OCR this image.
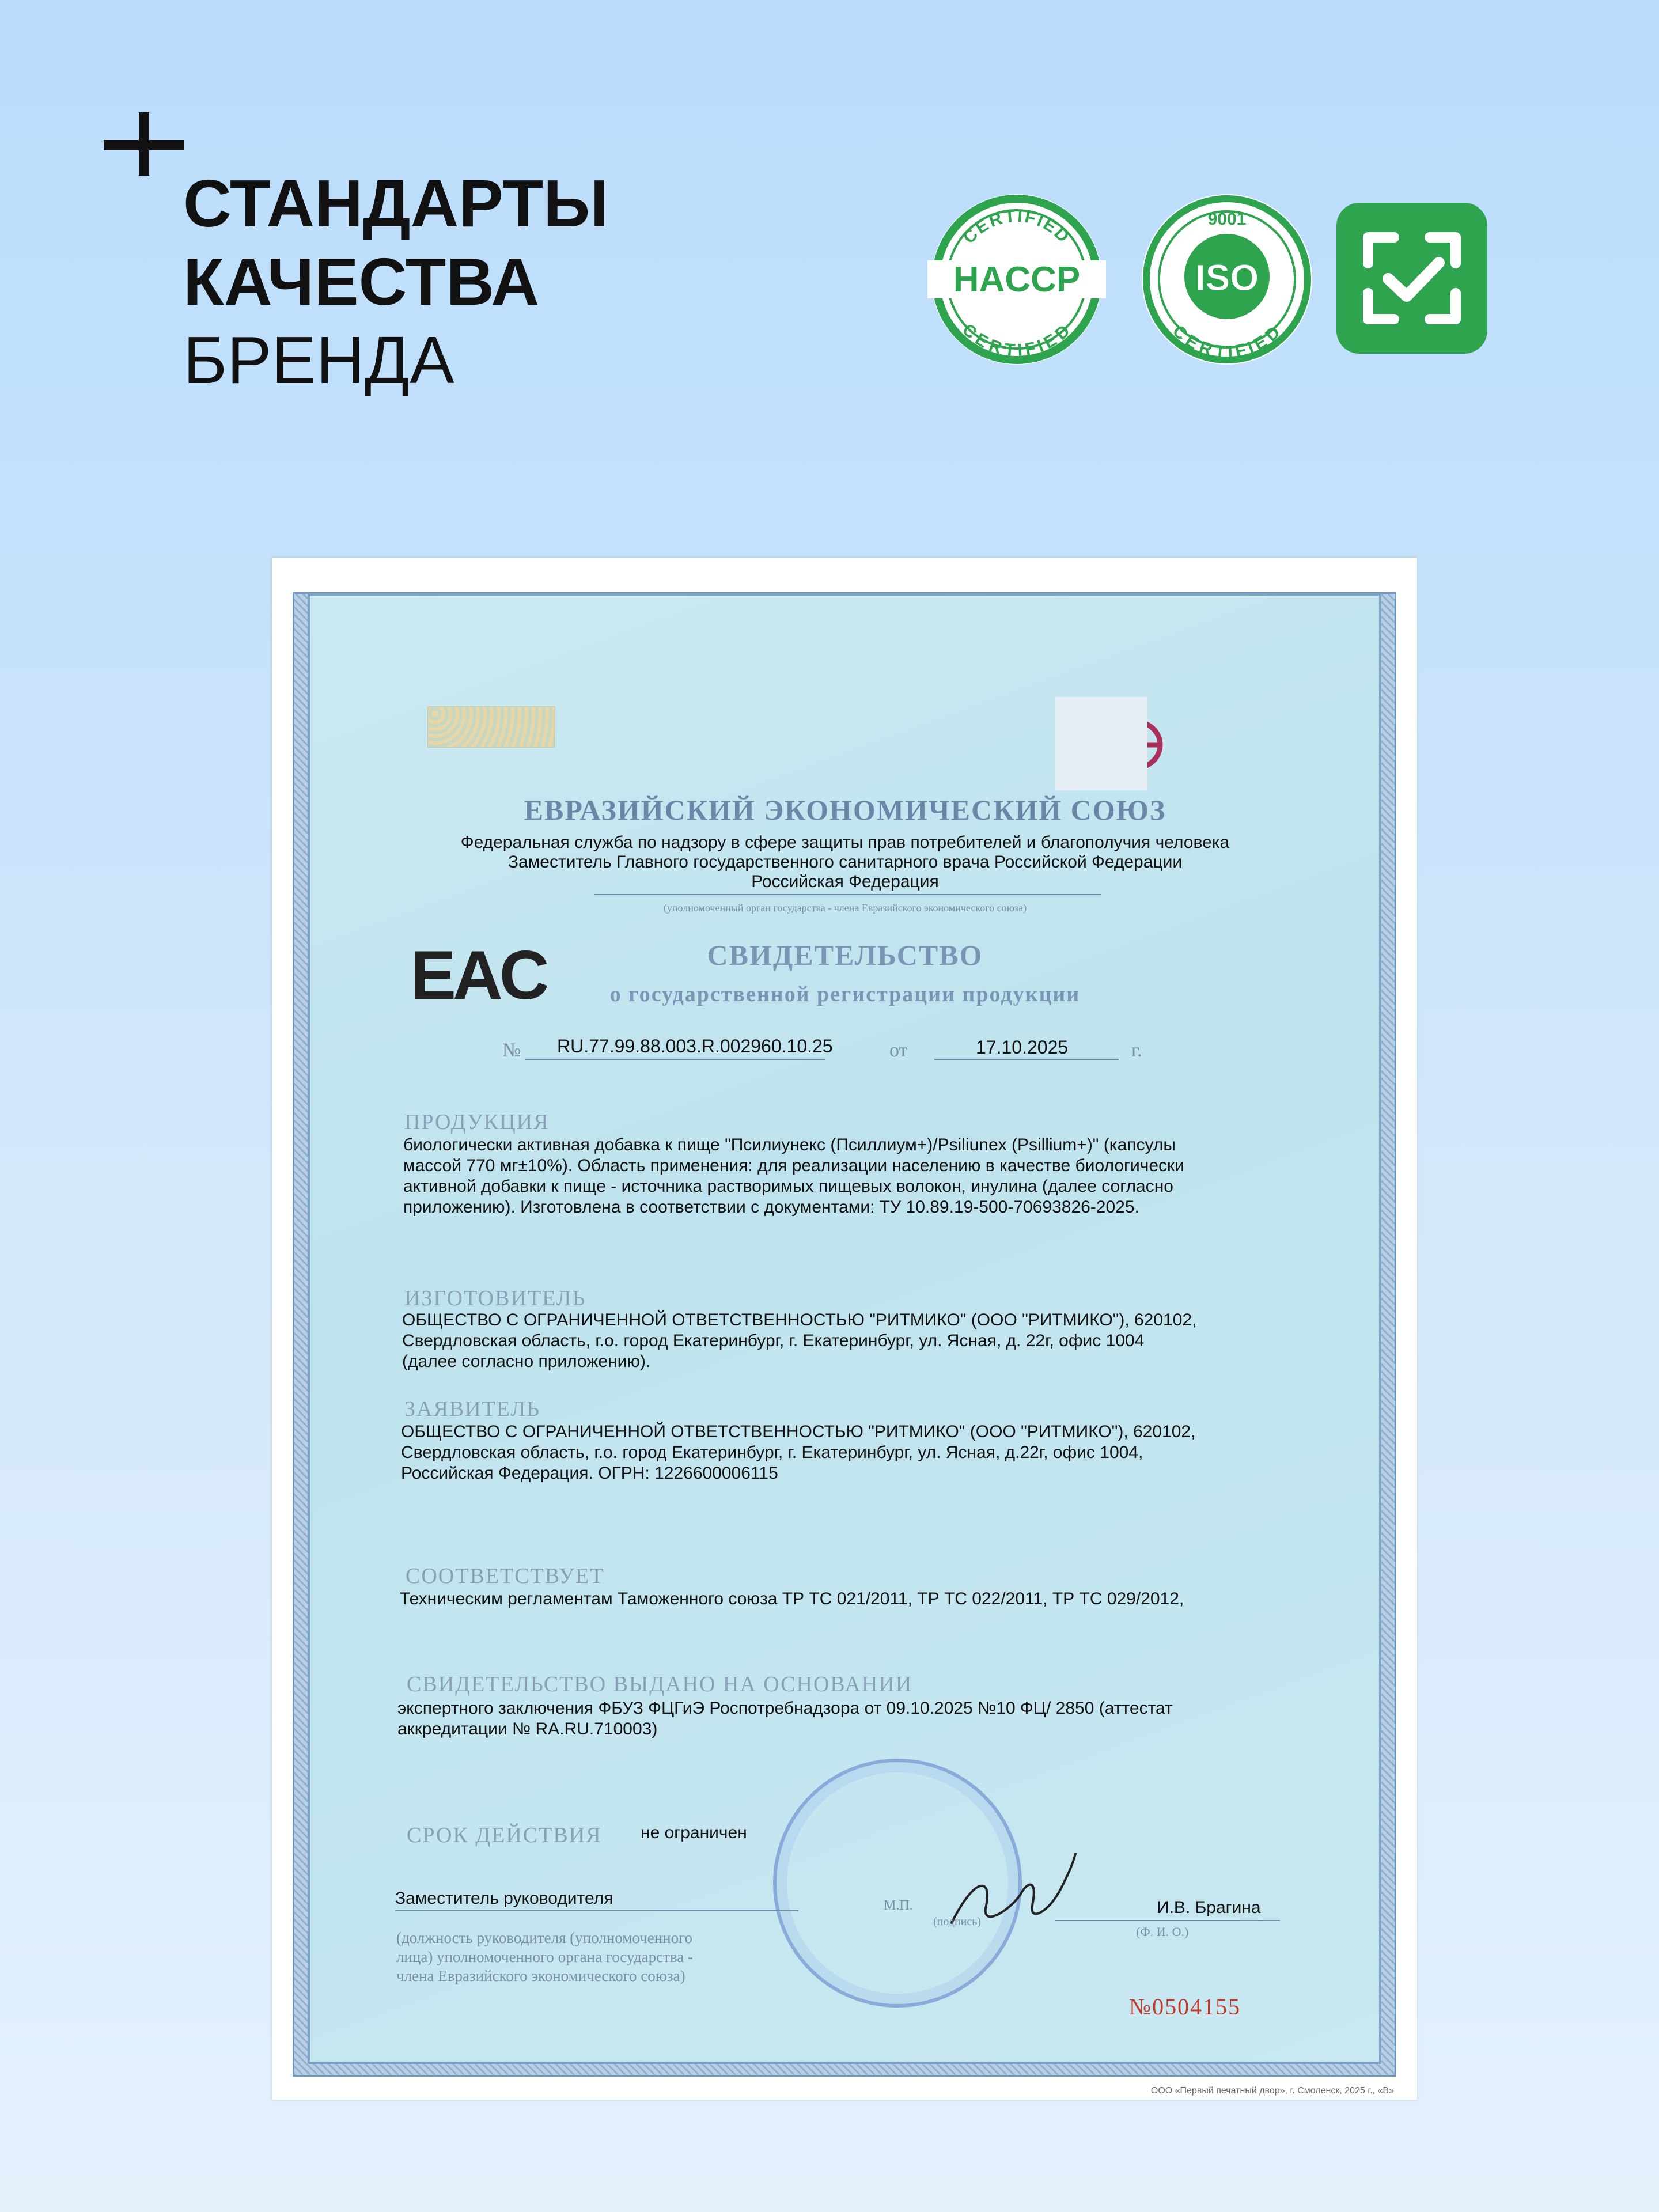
СТАНДАРТЫ
КАЧЕСТВА
БРЕНДА
CERTIFIED
HACCP
CERTIFIED
9001
ISO
CERTIFIED
ЕВРАЗИЙСКИЙ ЭКОНОМИЧЕСКИЙ СОЮЗ
Федеральная служба по надзору в сфере защиты прав потребителей и благополучия человека
Заместитель Главного государственного санитарного врача Российской Федерации
Российская Федерация
(уполномоченный орган государства - члена Евразийского экономического союза)
EAC	СВИДЕТЕЛЬСТВО
о государственной регистрации продукции
№ RU.77.99.88.003.R.002960.10.25	от	17.10.2025	г.
ПРОДУКЦИЯ
биологически активная добавка к пище "Псилиунекс (Псиллиум+)/Psiliunex (Psillium+)" (капсулы
массой 770 мг±10%). Область применения: для реализации населению в качестве биологически
активной добавки к пище - источника растворимых пищевых волокон, инулина (далее согласно
приложению). Изготовлена в соответствии с документами: ТУ 10.89.19-500-70693826-2025.
ИЗГОТОВИТЕЛЬ
ОБЩЕСТВО С ОГРАНИЧЕННОЙ ОТВЕТСТВЕННОСТЬЮ "РИТМИКО" (ООО "РИТМИКО"), 620102,
Свердловская область, г.о. город Екатеринбург, г. Екатеринбург, ул. Ясная, д. 22г, офис 1004
(далее согласно приложению).
ЗАЯВИТЕЛЬ
ОБЩЕСТВО С ОГРАНИЧЕННОЙ ОТВЕТСТВЕННОСТЬЮ "РИТМИКО" (ООО "РИТМИКО"), 620102,
Свердловская область, г.о. город Екатеринбург, г. Екатеринбург, ул. Ясная, д.22г, офис 1004,
Российская Федерация. ОГРН: 1226600006115
СООТВЕТСТВУЕТ
Техническим регламентам Таможенного союза ТР ТС 021/2011, ТР ТС 022/2011, ТР ТС 029/2012,
СВИДЕТЕЛЬСТВО ВЫДАНО НА ОСНОВАНИИ
экспертного заключения ФБУЗ ФЦГиЭ Роспотребнадзора от 09.10.2025 №10 ФЦ/ 2850 (аттестат
аккредитации № RA.RU.710003)
М.П.
СРОК ДЕЙСТВИЯ не ограничен
Заместитель руководителя
(подпись)
И.В. Брагина
(Ф. И. О.)
(должность руководителя (уполномоченного
лица) уполномоченного органа государства -
члена Евразийского экономического союза)
№0504155
ООО «Первый печатный двор», г. Смоленск, 2025 г., «В»
